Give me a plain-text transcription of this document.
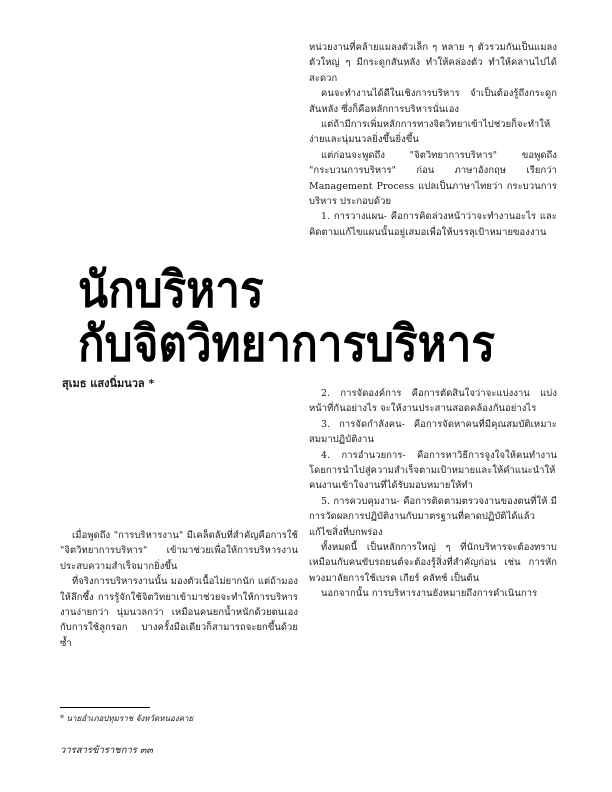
หน่วยงานที่คล้ายแมลงตัวเล็ก ๆ หลาย ๆ ตัวรวมกันเป็นแมลงตัวใหญ่ ๆ มีกระดูกสันหลัง ทำให้คล่องตัว ทำให้คลานไปได้สะดวก

คนจะทำงานได้ดีในเชิงการบริหาร จำเป็นต้องรู้ถึงกระดูกสันหลัง ซึ่งก็คือหลักการบริหารนั่นเอง

แต่ถ้ามีการเพิ่มหลักการทางจิตวิทยาเข้าไปช่วยก็จะทำให้ง่ายและนุ่มนวลยิ่งขึ้นยิ่งขึ้น

แต่ก่อนจะพูดถึง "จิตวิทยาการบริหาร" ขอพูดถึง "กระบวนการบริหาร" ก่อน ภาษาอังกฤษ เรียกว่า Management Process แปลเป็นภาษาไทยว่า กระบวนการบริหาร ประกอบด้วย

1. การวางแผน- คือการคิดล่วงหน้าว่าจะทำงานอะไร และคิดตามแก้ไขแผนนั้นอยู่เสมอเพื่อให้บรรลุเป้าหมายของงาน

นักบริหาร
กับจิตวิทยาการบริหาร
สุเมธ แสงนิ่มนวล *

2. การจัดองค์การ คือการตัดสินใจว่าจะแบ่งงาน แบ่งหน้าที่กันอย่างไร จะให้งานประสานสอดคล้องกันอย่างไร

3. การจัดกำลังคน- คือการจัดหาคนที่มีคุณสมบัติเหมาะสมมาปฏิบัติงาน

4. การอำนวยการ- คือการหาวิธีการจูงใจให้คนทำงาน โดยการนำไปสู่ความสำเร็จตามเป้าหมายและให้คำแนะนำให้คนงานเข้าใจงานที่ได้รับมอบหมายให้ทำ

5. การควบคุมงาน- คือการติดตามตรวจงานของตนที่ให้ มีการวัดผลการปฏิบัติงานกับมาตรฐานที่คาดปฏิบัติได้แล้วแก้ไขสิ่งที่บกพร่อง

ทั้งหมดนี้ เป็นหลักการใหญ่ ๆ ที่นักบริหารจะต้องทราบเหมือนกับคนขับรถยนต์จะต้องรู้สิ่งที่สำคัญก่อน เช่น การหักพวงมาลัยการใช้เบรค เกียร์ คลัทช์ เป็นต้น

นอกจากนั้น การบริหารงานยังหมายถึงการดำเนินการ

เมื่อพูดถึง "การบริหารงาน" มีเคล็ดลับที่สำคัญคือการใช้ "จิตวิทยาการบริหาร" เข้ามาช่วยเพื่อให้การบริหารงานประสบความสำเร็จมากยิ่งขึ้น

ที่จริงการบริหารงานนั้น มองตัวเนื้อไม่ยากนัก แต่ถ้ามองให้ลึกซึ้ง การรู้จักใช้จิตวิทยาเข้ามาช่วยจะทำให้การบริหารงานง่ายกว่า นุ่มนวลกว่า เหมือนคนยกน้ำหนักด้วยตนเองกับการใช้ลูกรอก บางครั้งมือเดียวก็สามารถจะยกขึ้นด้วยซ้ำ

* นายอำเภอปทุมราช จังหวัดหนองคาย
วารสารข้าราชการ ๓๓
